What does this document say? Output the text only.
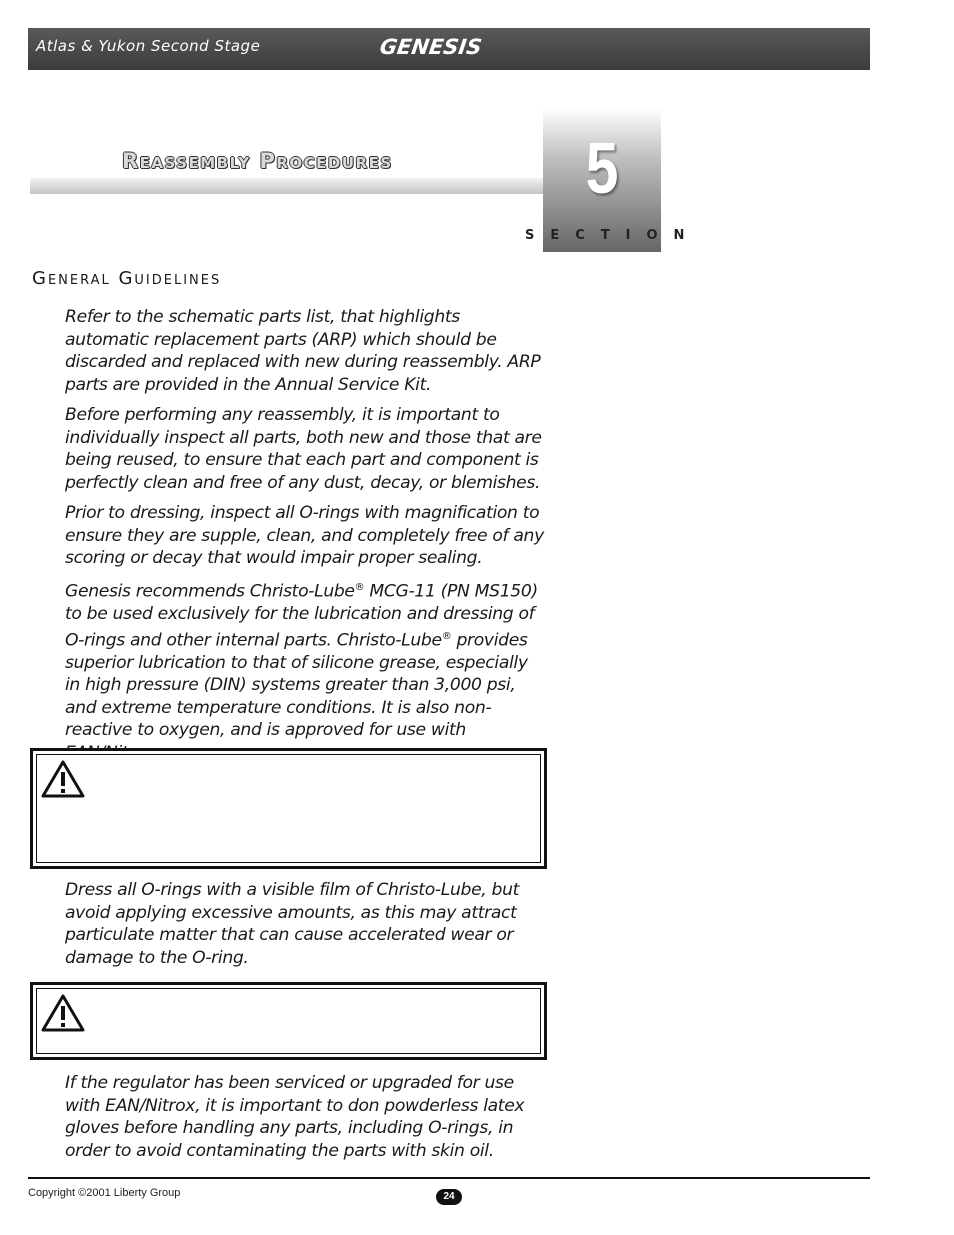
Atlas & Yukon Second Stage	GENESIS
Reassembly Procedures	5
SECTION
General Guidelines
Refer to the schematic parts list, that highlights automatic replacement parts (ARP) which should be discarded and replaced with new during reassembly. ARP parts are provided in the Annual Service Kit.
Before performing any reassembly, it is important to individually inspect all parts, both new and those that are being reused, to ensure that each part and component is perfectly clean and free of any dust, decay, or blemishes.
Prior to dressing, inspect all O-rings with magnification to ensure they are supple, clean, and completely free of any scoring or decay that would impair proper sealing.
Genesis recommends Christo-Lube® MCG-11 (PN MS150) to be used exclusively for the lubrication and dressing of O-rings and other internal parts. Christo-Lube® provides superior lubrication to that of silicone grease, especially in high pressure (DIN) systems greater than 3,000 psi, and extreme temperature conditions. It is also non-reactive to oxygen, and is approved for use with
Dress all O-rings with a visible film of Christo-Lube, but avoid applying excessive amounts, as this may attract particulate matter that can cause accelerated wear or damage to the O-ring.
If the regulator has been serviced or upgraded for use with EAN/Nitrox, it is important to don powderless latex gloves before handling any parts, including O-rings, in order to avoid contaminating the parts with skin oil.
Copyright ©2001 Liberty Group	24
